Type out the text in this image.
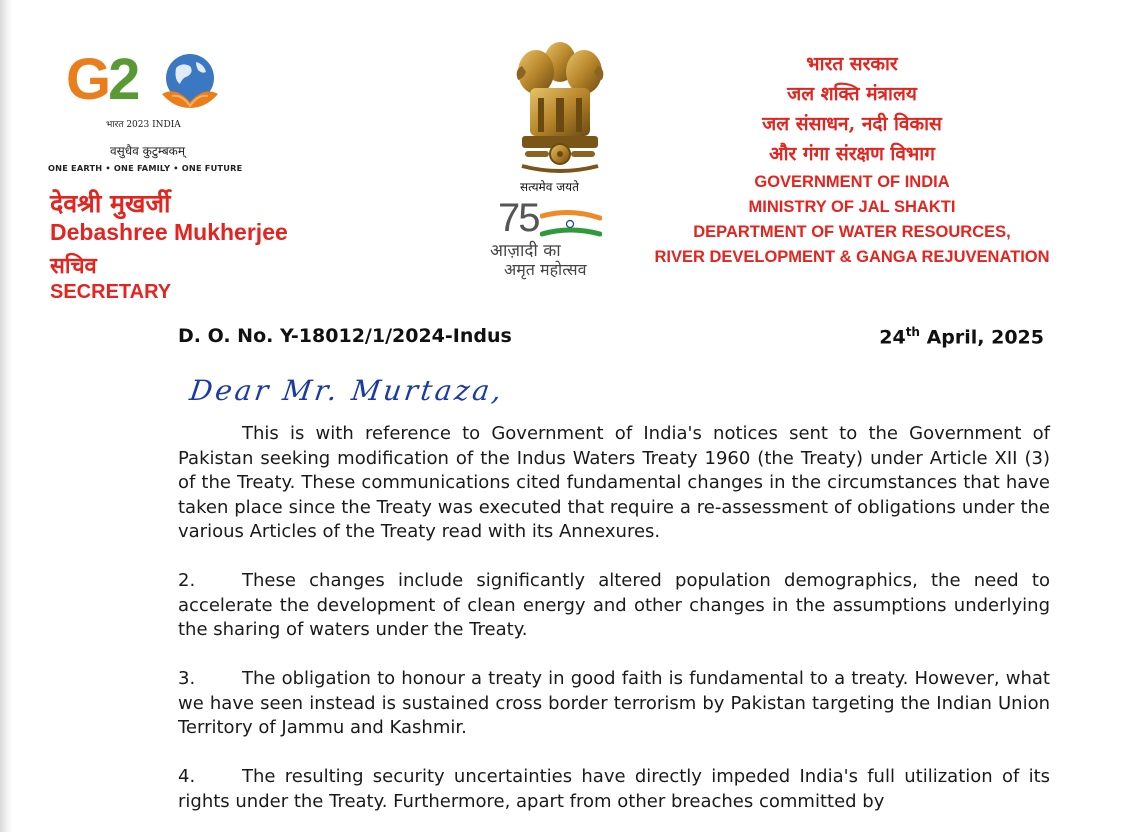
G2
भारत 2023 INDIA
वसुधैव कुटुम्बकम्
ONE EARTH • ONE FAMILY • ONE FUTURE
देवश्री मुखर्जी
Debashree Mukherjee
सचिव
SECRETARY
सत्यमेव जयते
75
आज़ादी का
अमृत महोत्सव
भारत सरकार
जल शक्ति मंत्रालय
जल संसाधन, नदी विकास
और गंगा संरक्षण विभाग
GOVERNMENT OF INDIA
MINISTRY OF JAL SHAKTI
DEPARTMENT OF WATER RESOURCES,
RIVER DEVELOPMENT & GANGA REJUVENATION
D. O. No. Y-18012/1/2024-Indus	24th April, 2025
Dear Mr. Murtaza,

This is with reference to Government of India's notices sent to the Government of Pakistan seeking modification of the Indus Waters Treaty 1960 (the Treaty) under Article XII (3) of the Treaty. These communications cited fundamental changes in the circumstances that have taken place since the Treaty was executed that require a re-assessment of obligations under the various Articles of the Treaty read with its Annexures.

2.	These changes include significantly altered population demographics, the need to accelerate the development of clean energy and other changes in the assumptions underlying the sharing of waters under the Treaty.

3.	The obligation to honour a treaty in good faith is fundamental to a treaty. However, what we have seen instead is sustained cross border terrorism by Pakistan targeting the Indian Union Territory of Jammu and Kashmir.

4.	The resulting security uncertainties have directly impeded India's full utilization of its rights under the Treaty. Furthermore, apart from other breaches committed by
